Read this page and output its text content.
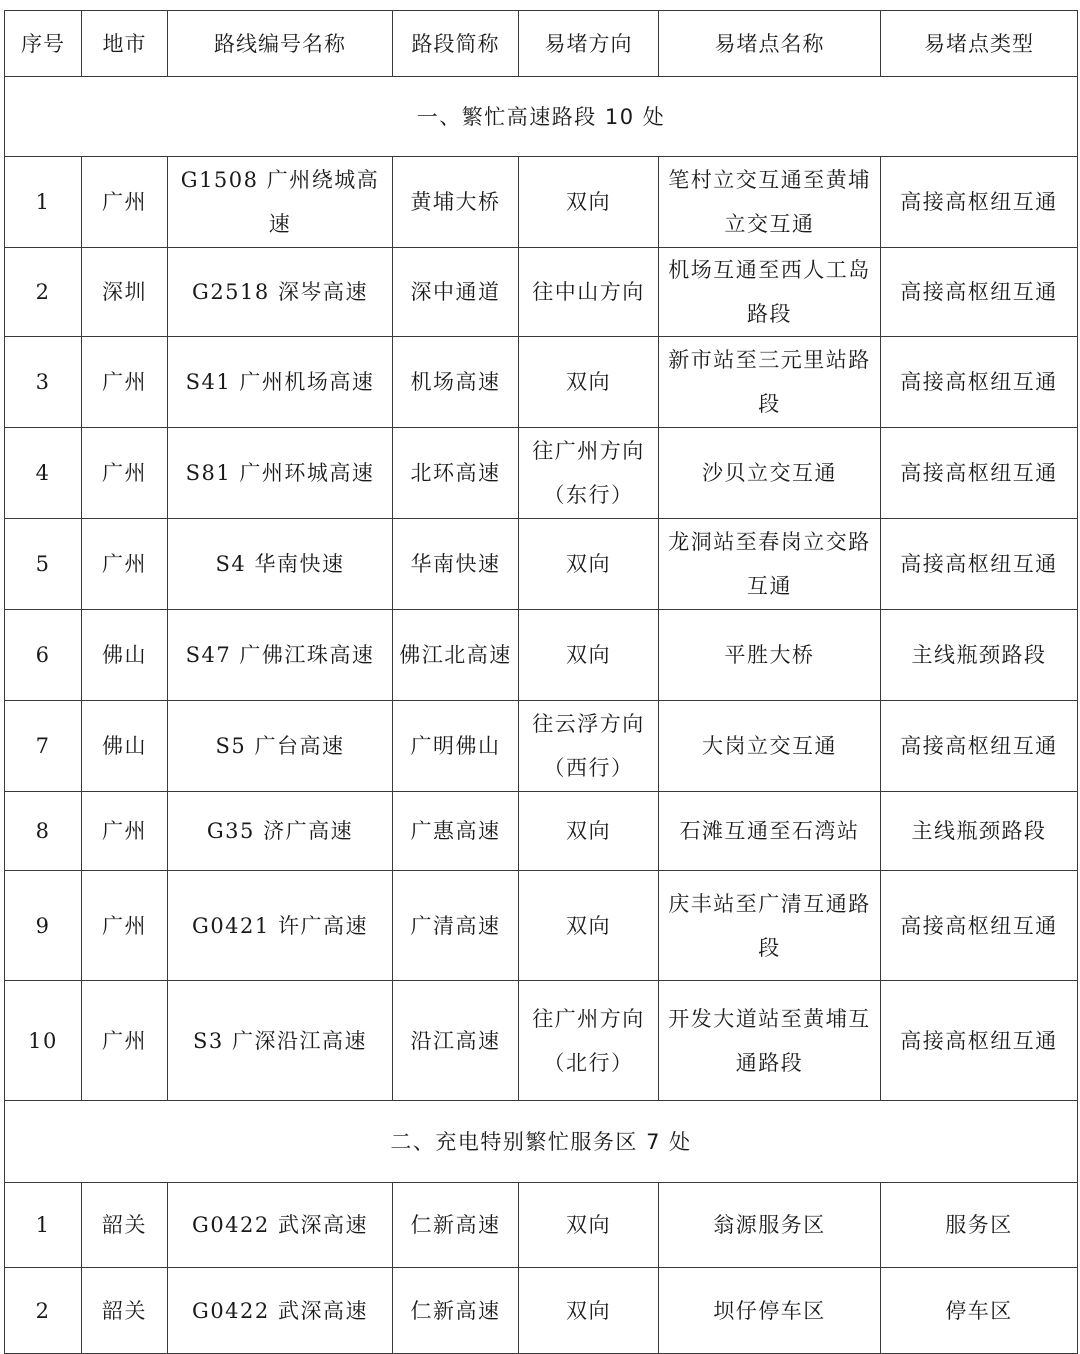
序号	地市	路线编号名称	路段简称	易堵方向	易堵点名称	易堵点类型
一、繁忙高速路段 10 处						
1	广州	G1508 广州绕城高速	黄埔大桥	双向	笔村立交互通至黄埔立交互通	高接高枢纽互通
2	深圳	G2518 深岑高速	深中通道	往中山方向	机场互通至西人工岛路段	高接高枢纽互通
3	广州	S41 广州机场高速	机场高速	双向	新市站至三元里站路段	高接高枢纽互通
4	广州	S81 广州环城高速	北环高速	往广州方向（东行）	沙贝立交互通	高接高枢纽互通
5	广州	S4 华南快速	华南快速	双向	龙洞站至春岗立交路互通	高接高枢纽互通
6	佛山	S47 广佛江珠高速	佛江北高速	双向	平胜大桥	主线瓶颈路段
7	佛山	S5 广台高速	广明佛山	往云浮方向（西行）	大岗立交互通	高接高枢纽互通
8	广州	G35 济广高速	广惠高速	双向	石滩互通至石湾站	主线瓶颈路段
9	广州	G0421 许广高速	广清高速	双向	庆丰站至广清互通路段	高接高枢纽互通
10	广州	S3 广深沿江高速	沿江高速	往广州方向（北行）	开发大道站至黄埔互通路段	高接高枢纽互通
二、充电特别繁忙服务区 7 处						
1	韶关	G0422 武深高速	仁新高速	双向	翁源服务区	服务区
2	韶关	G0422 武深高速	仁新高速	双向	坝仔停车区	停车区
